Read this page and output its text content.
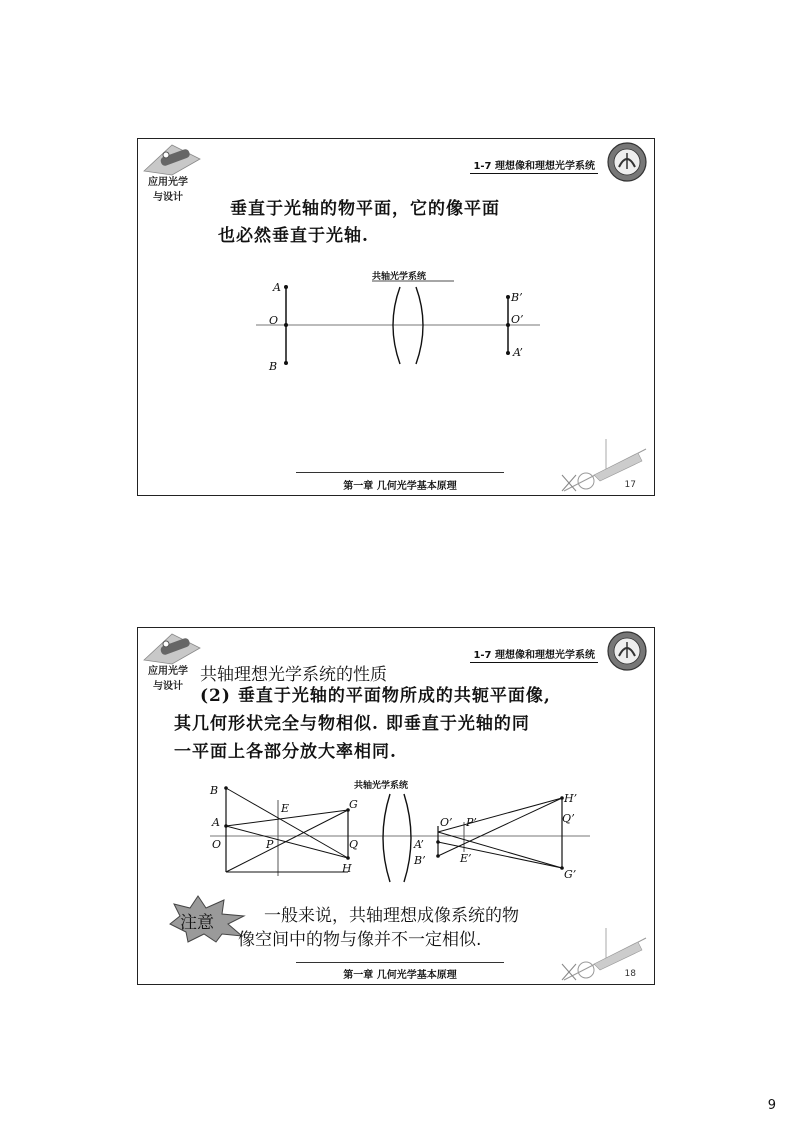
应用光学
与设计
1-7 理想像和理想光学系统
垂直于光轴的物平面，它的像平面
也必然垂直于光轴.
共轴光学系统
A
O
B
B’
O’
A’
第一章 几何光学基本原理	17
应用光学
与设计
1-7 理想像和理想光学系统
共轴理想光学系统的性质
(2) 垂直于光轴的平面物所成的共轭平面像,
其几何形状完全与物相似. 即垂直于光轴的同
一平面上各部分放大率相同.
共轴光学系统
B
A
O
E
P
G
Q
H
O’ P’
A’
B’	E’
H’
Q’
G’
注意	一般来说，共轴理想成像系统的物
像空间中的物与像并不一定相似.
第一章 几何光学基本原理	18
9
